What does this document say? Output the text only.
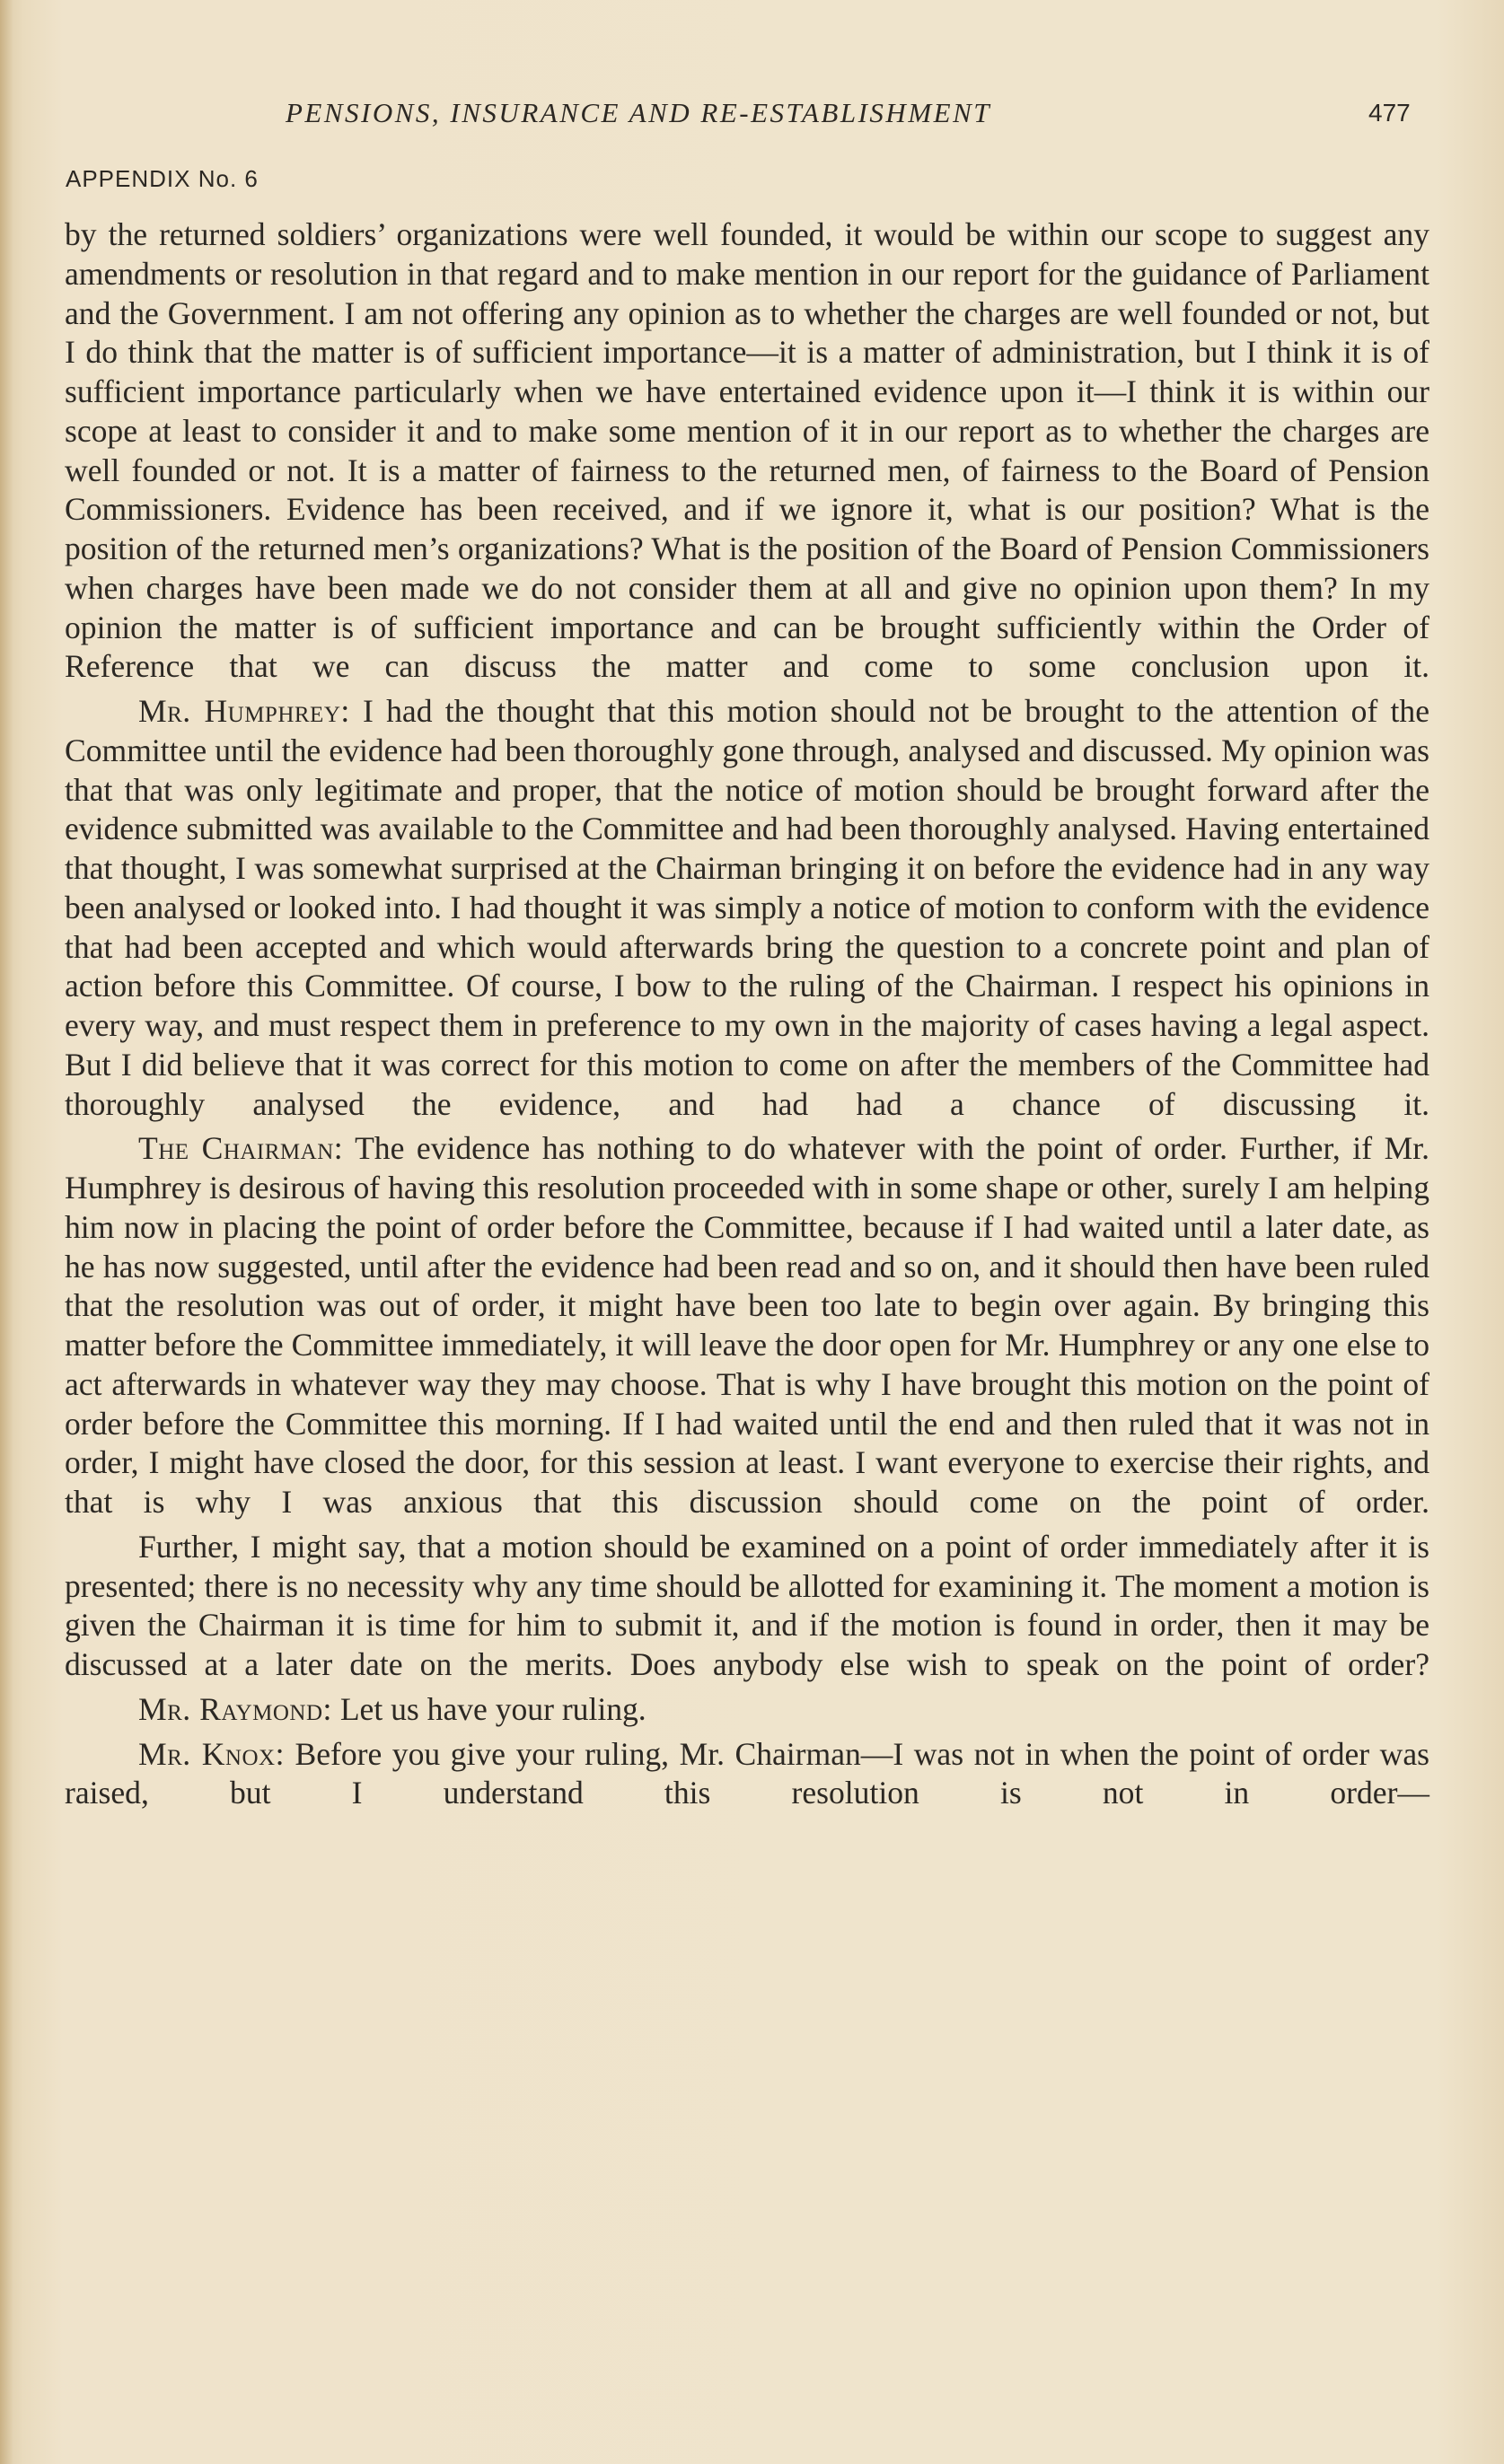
PENSIONS, INSURANCE AND RE-ESTABLISHMENT	477
APPENDIX No. 6

by the returned soldiers’ organizations were well founded, it would be within our scope to suggest any amendments or resolution in that regard and to make mention in our report for the guidance of Parliament and the Government. I am not offering any opinion as to whether the charges are well founded or not, but I do think that the matter is of sufficient importance—it is a matter of administration, but I think it is of sufficient importance particularly when we have entertained evidence upon it—I think it is within our scope at least to consider it and to make some mention of it in our report as to whether the charges are well founded or not. It is a matter of fairness to the returned men, of fairness to the Board of Pension Commissioners. Evidence has been received, and if we ignore it, what is our position? What is the position of the returned men’s organizations? What is the position of the Board of Pension Commissioners when charges have been made we do not consider them at all and give no opinion upon them? In my opinion the matter is of sufficient importance and can be brought sufficiently within the Order of Reference that we can discuss the matter and come to some conclusion upon it.

Mr. Humphrey: I had the thought that this motion should not be brought to the attention of the Committee until the evidence had been thoroughly gone through, analysed and discussed. My opinion was that that was only legitimate and proper, that the notice of motion should be brought forward after the evidence submitted was available to the Committee and had been thoroughly analysed. Having entertained that thought, I was somewhat surprised at the Chairman bringing it on before the evidence had in any way been analysed or looked into. I had thought it was simply a notice of motion to conform with the evidence that had been accepted and which would afterwards bring the question to a concrete point and plan of action before this Committee. Of course, I bow to the ruling of the Chairman. I respect his opinions in every way, and must respect them in preference to my own in the majority of cases having a legal aspect. But I did believe that it was correct for this motion to come on after the members of the Committee had thoroughly analysed the evidence, and had had a chance of discussing it.

The Chairman: The evidence has nothing to do whatever with the point of order. Further, if Mr. Humphrey is desirous of having this resolution proceeded with in some shape or other, surely I am helping him now in placing the point of order before the Committee, because if I had waited until a later date, as he has now suggested, until after the evidence had been read and so on, and it should then have been ruled that the resolution was out of order, it might have been too late to begin over again. By bringing this matter before the Committee immediately, it will leave the door open for Mr. Humphrey or any one else to act afterwards in whatever way they may choose. That is why I have brought this motion on the point of order before the Committee this morning. If I had waited until the end and then ruled that it was not in order, I might have closed the door, for this session at least. I want everyone to exercise their rights, and that is why I was anxious that this discussion should come on the point of order.

Further, I might say, that a motion should be examined on a point of order immediately after it is presented; there is no necessity why any time should be allotted for examining it. The moment a motion is given the Chairman it is time for him to submit it, and if the motion is found in order, then it may be discussed at a later date on the merits. Does anybody else wish to speak on the point of order?

Mr. Raymond: Let us have your ruling.

Mr. Knox: Before you give your ruling, Mr. Chairman—I was not in when the point of order was raised, but I understand this resolution is not in order—
